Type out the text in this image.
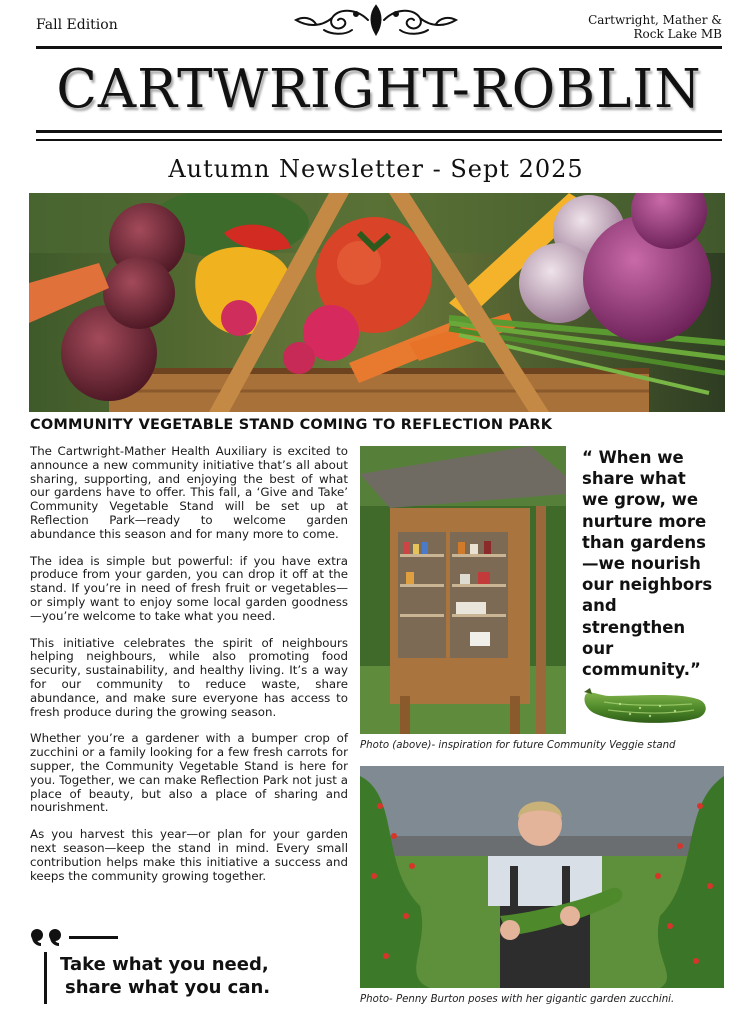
Fall Edition	Cartwright, Mather &
Rock Lake MB
CARTWRIGHT-ROBLIN
Autumn Newsletter - Sept 2025
COMMUNITY VEGETABLE STAND COMING TO REFLECTION PARK

The Cartwright-Mather Health Auxiliary is excited to announce a new community initiative that’s all about sharing, supporting, and enjoying the best of what our gardens have to offer. This fall, a ‘Give and Take’ Community Vegetable Stand will be set up at Reflection Park—ready to welcome garden abundance this season and for many more to come.

The idea is simple but powerful: if you have extra produce from your garden, you can drop it off at the stand. If you’re in need of fresh fruit or vegetables—or simply want to enjoy some local garden goodness—you’re welcome to take what you need.

This initiative celebrates the spirit of neighbours helping neighbours, while also promoting food security, sustainability, and healthy living. It’s a way for our community to reduce waste, share abundance, and make sure everyone has access to fresh produce during the growing season.

Whether you’re a gardener with a bumper crop of zucchini or a family looking for a few fresh carrots for supper, the Community Vegetable Stand is here for you. Together, we can make Reflection Park not just a place of beauty, but also a place of sharing and nourishment.

As you harvest this year—or plan for your garden next season—keep the stand in mind. Every small contribution helps make this initiative a success and keeps the community growing together.

Take what you need,
share what you can.
“ When we
share what
we grow, we
nurture more
than gardens
—we nourish
our neighbors
and
strengthen
our
community.”
Photo (above)- inspiration for future Community Veggie stand
Photo- Penny Burton poses with her gigantic garden zucchini.
